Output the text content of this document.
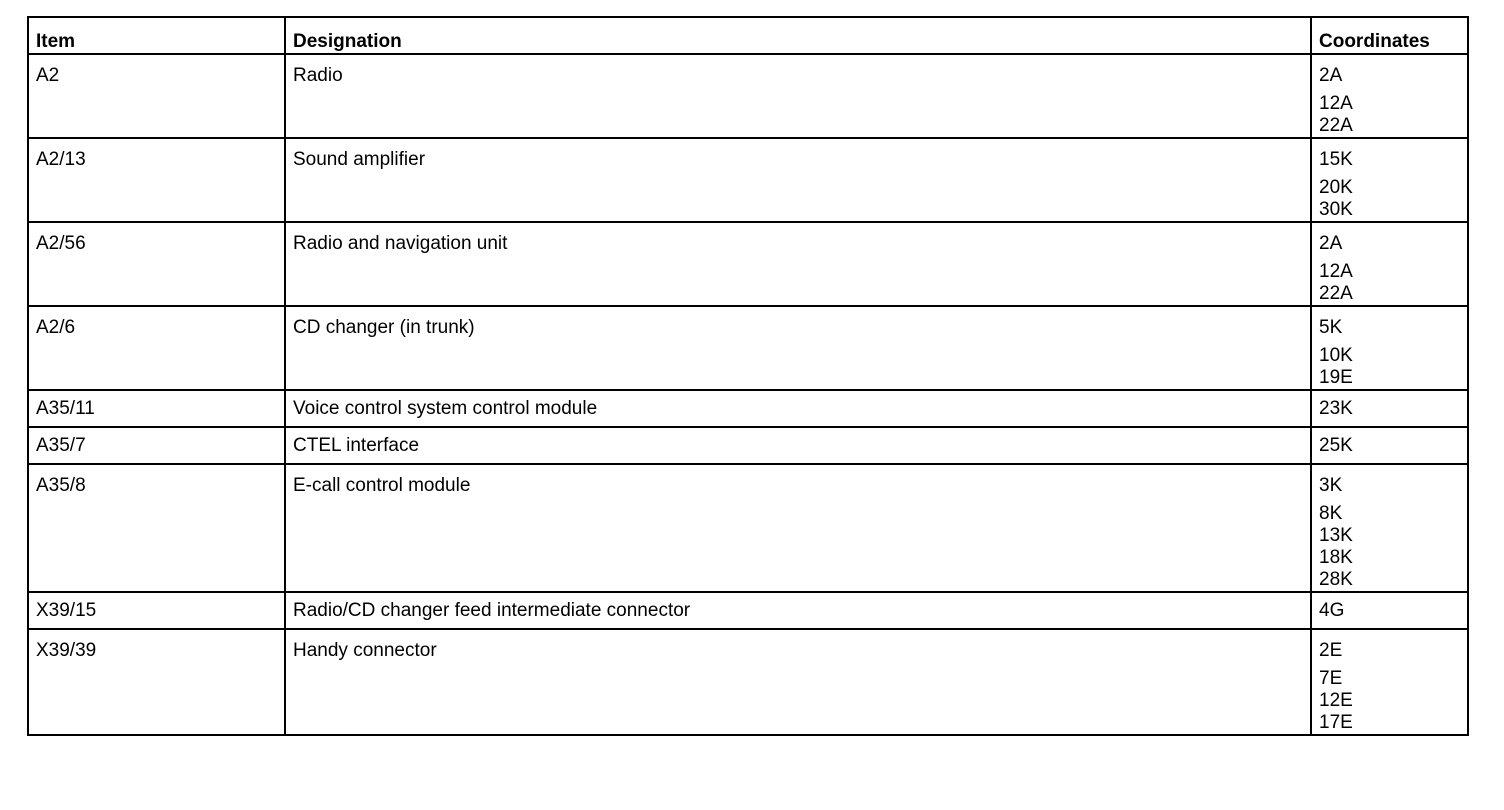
Item	Designation	Coordinates
A2	Radio	2A
12A
22A

A2/13	Sound amplifier	15K
20K
30K

A2/56	Radio and navigation unit	2A
12A
22A

A2/6	CD changer (in trunk)	5K
10K
19E

A35/11	Voice control system control module	23K

A35/7	CTEL interface	25K

A35/8	E-call control module	3K
8K
13K
18K
28K

X39/15	Radio/CD changer feed intermediate connector	4G

X39/39	Handy connector	2E
7E
12E
17E
